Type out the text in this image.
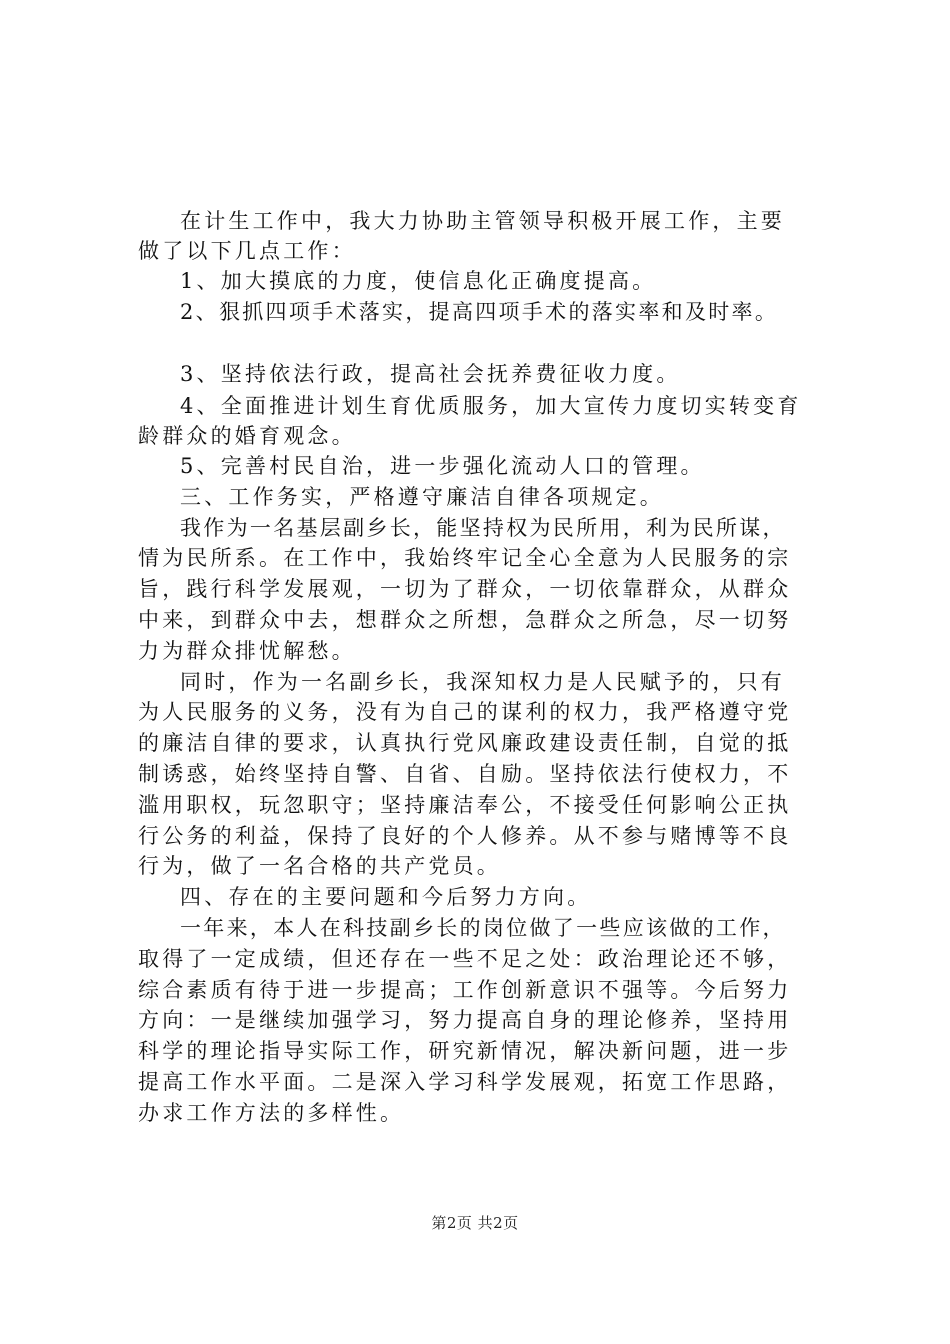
在计生工作中，我大力协助主管领导积极开展工作，主要
做了以下几点工作：
1、加大摸底的力度，使信息化正确度提高。
2、狠抓四项手术落实，提高四项手术的落实率和及时率。
3、坚持依法行政，提高社会抚养费征收力度。
4、全面推进计划生育优质服务，加大宣传力度切实转变育
龄群众的婚育观念。
5、完善村民自治，进一步强化流动人口的管理。
三、工作务实，严格遵守廉洁自律各项规定。
我作为一名基层副乡长，能坚持权为民所用，利为民所谋，
情为民所系。在工作中，我始终牢记全心全意为人民服务的宗
旨，践行科学发展观，一切为了群众，一切依靠群众，从群众
中来，到群众中去，想群众之所想，急群众之所急，尽一切努
力为群众排忧解愁。
同时，作为一名副乡长，我深知权力是人民赋予的，只有
为人民服务的义务，没有为自己的谋利的权力，我严格遵守党
的廉洁自律的要求，认真执行党风廉政建设责任制，自觉的抵
制诱惑，始终坚持自警、自省、自励。坚持依法行使权力，不
滥用职权，玩忽职守；坚持廉洁奉公，不接受任何影响公正执
行公务的利益，保持了良好的个人修养。从不参与赌博等不良
行为，做了一名合格的共产党员。
四、存在的主要问题和今后努力方向。
一年来，本人在科技副乡长的岗位做了一些应该做的工作，
取得了一定成绩，但还存在一些不足之处：政治理论还不够，
综合素质有待于进一步提高；工作创新意识不强等。今后努力
方向：一是继续加强学习，努力提高自身的理论修养，坚持用
科学的理论指导实际工作，研究新情况，解决新问题，进一步
提高工作水平面。二是深入学习科学发展观，拓宽工作思路，
办求工作方法的多样性。
第2页 共2页
